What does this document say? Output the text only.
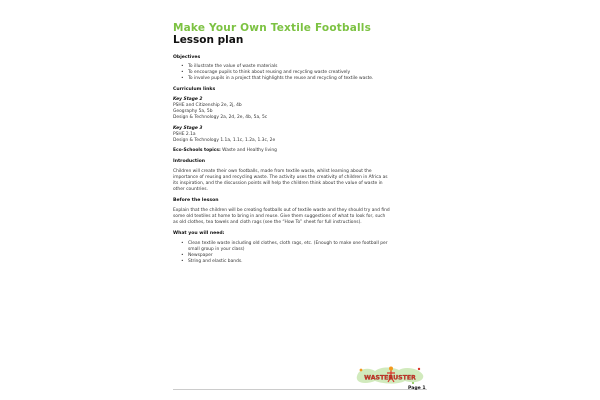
Make Your Own Textile Footballs
Lesson plan
Objectives
• To illustrate the value of waste materials
• To encourage pupils to think about reusing and recycling waste creatively
• To involve pupils in a project that highlights the reuse and recycling of textile waste.
Curriculum links
Key Stage 2
PSHE and Citizenship 2e, 2j, 4b
Geography 5a, 5b
Design & Technology 2a, 2d, 2e, 4b, 5a, 5c
Key Stage 3
PSHE 2.1a
Design & Technology 1.1a, 1.1c, 1.2a, 1.3c, 2e
Eco-Schools topics: Waste and Healthy living
Introduction
Children will create their own footballs, made from textile waste, whilst learning about the
importance of reusing and recycling waste. The activity uses the creativity of children in Africa as
its inspiration, and the discussion points will help the children think about the value of waste in
other countries.
Before the lesson
Explain that the children will be creating footballs out of textile waste and they should try and find
some old textiles at home to bring in and reuse. Give them suggestions of what to look for, such
as old clothes, tea towels and cloth rags (see the “How To” sheet for full instructions).
What you will need:
• Clean textile waste including old clothes, cloth rags, etc. (Enough to make one football per
small group in your class)
• Newspaper
• String and elastic bands.
WASTEBUSTER
Page 1
